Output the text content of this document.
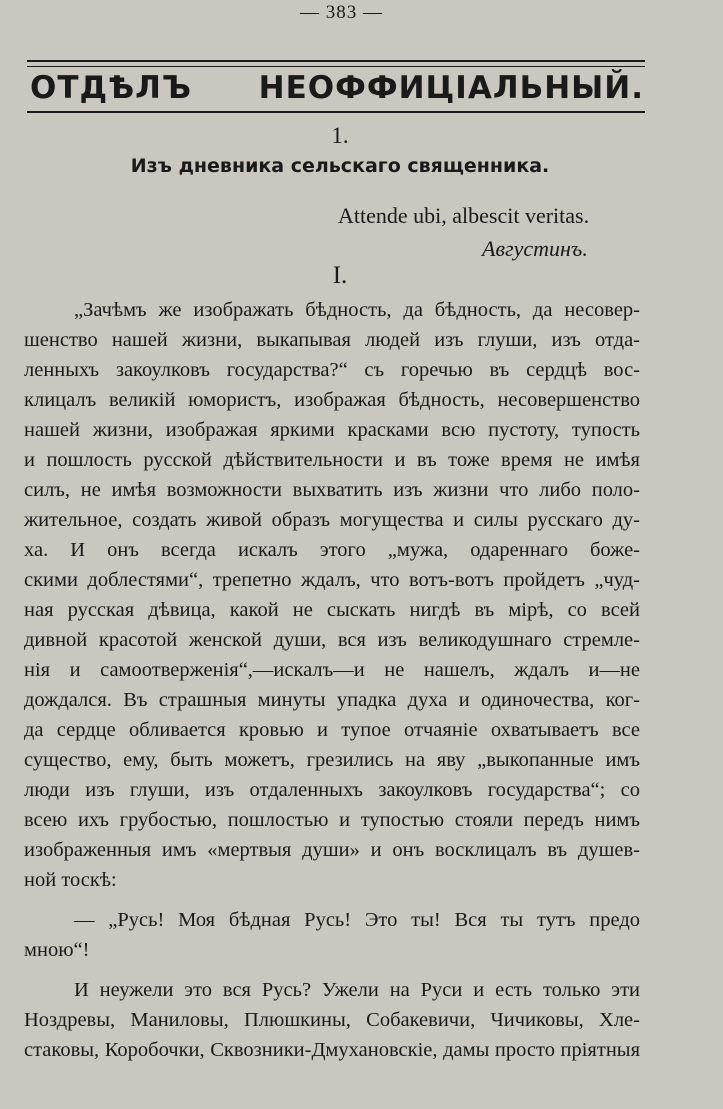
— 383 —
ОТДѢЛЪ НЕОФФИЦІАЛЬНЫЙ.
1.
Изъ дневника сельскаго священника.
Attende ubi, albescit veritas.
Августинъ.
I.
„Зачѣмъ же изображать бѣдность, да бѣдность, да несовер-
шенство нашей жизни, выкапывая людей изъ глуши, изъ отда-
ленныхъ закоулковъ государства?“ съ горечью въ сердцѣ вос-
клицалъ великій юмористъ, изображая бѣдность, несовершенство
нашей жизни, изображая яркими красками всю пустоту, тупость
и пошлость русской дѣйствительности и въ тоже время не имѣя
силъ, не имѣя возможности выхватить изъ жизни что либо поло-
жительное, создать живой образъ могущества и силы русскаго ду-
ха. И онъ всегда искалъ этого „мужа, одареннаго боже-
скими доблестями“, трепетно ждалъ, что вотъ-вотъ пройдетъ „чуд-
ная русская дѣвица, какой не сыскать нигдѣ въ мірѣ, со всей
дивной красотой женской души, вся изъ великодушнаго стремле-
нія и самоотверженія“,—искалъ—и не нашелъ, ждалъ и—не
дождался. Въ страшныя минуты упадка духа и одиночества, ког-
да сердце обливается кровью и тупое отчаяніе охватываетъ все
существо, ему, быть можетъ, грезились на яву „выкопанные имъ
люди изъ глуши, изъ отдаленныхъ закоулковъ государства“; со
всею ихъ грубостью, пошлостью и тупостью стояли передъ нимъ
изображенныя имъ «мертвыя души» и онъ восклицалъ въ душев-
ной тоскѣ:
— „Русь! Моя бѣдная Русь! Это ты! Вся ты тутъ предо
мною“!
И неужели это вся Русь? Ужели на Руси и есть только эти
Ноздревы, Маниловы, Плюшкины, Собакевичи, Чичиковы, Хле-
стаковы, Коробочки, Сквозники-Дмухановскіе, дамы просто пріятныя
